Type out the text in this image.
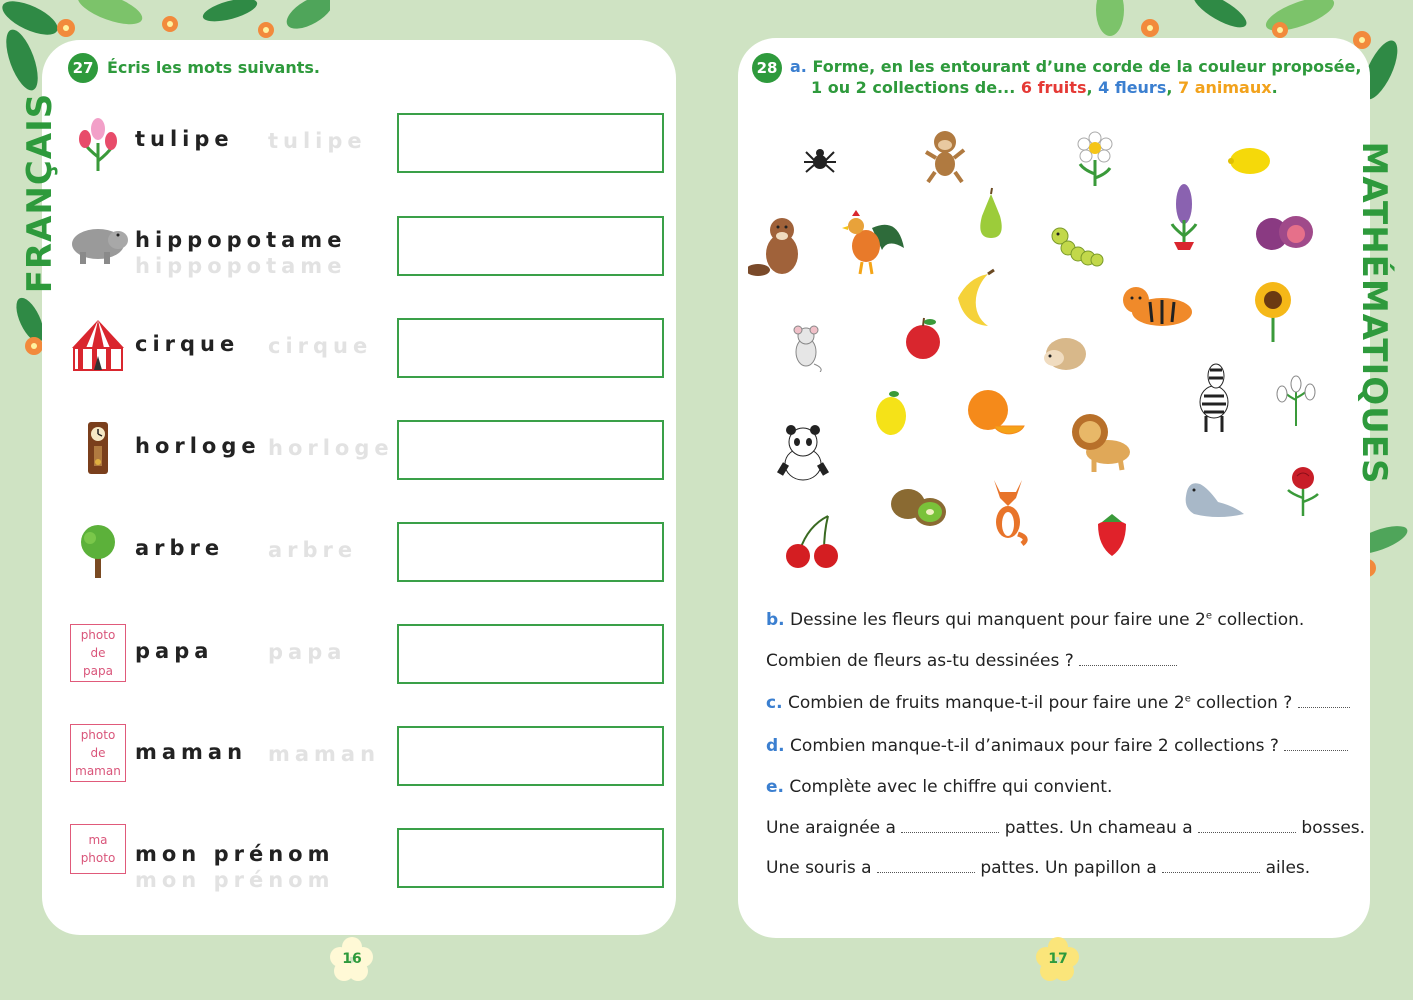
FRANÇAIS
27 Écris les mots suivants.
tulipe tulipe
hippopotame
hippopotame
cirque cirque
horloge horloge
arbre arbre
photo
de
papa
papa	papa
photo
de
maman
maman maman
ma
photo mon prénom
mon prénom
16
MATHÉMATIQUES
28 a. Forme, en les entourant d’une corde de la couleur proposée,
1 ou 2 collections de... 6 fruits, 4 fleurs, 7 animaux.
b. Dessine les fleurs qui manquent pour faire une 2e collection.
Combien de fleurs as-tu dessinées ?
c. Combien de fruits manque-t-il pour faire une 2e collection ?
d. Combien manque-t-il d’animaux pour faire 2 collections ?
e. Complète avec le chiffre qui convient.
Une araignée a	pattes. Un chameau a	bosses.
Une souris a	pattes. Un papillon a	ailes.
17
